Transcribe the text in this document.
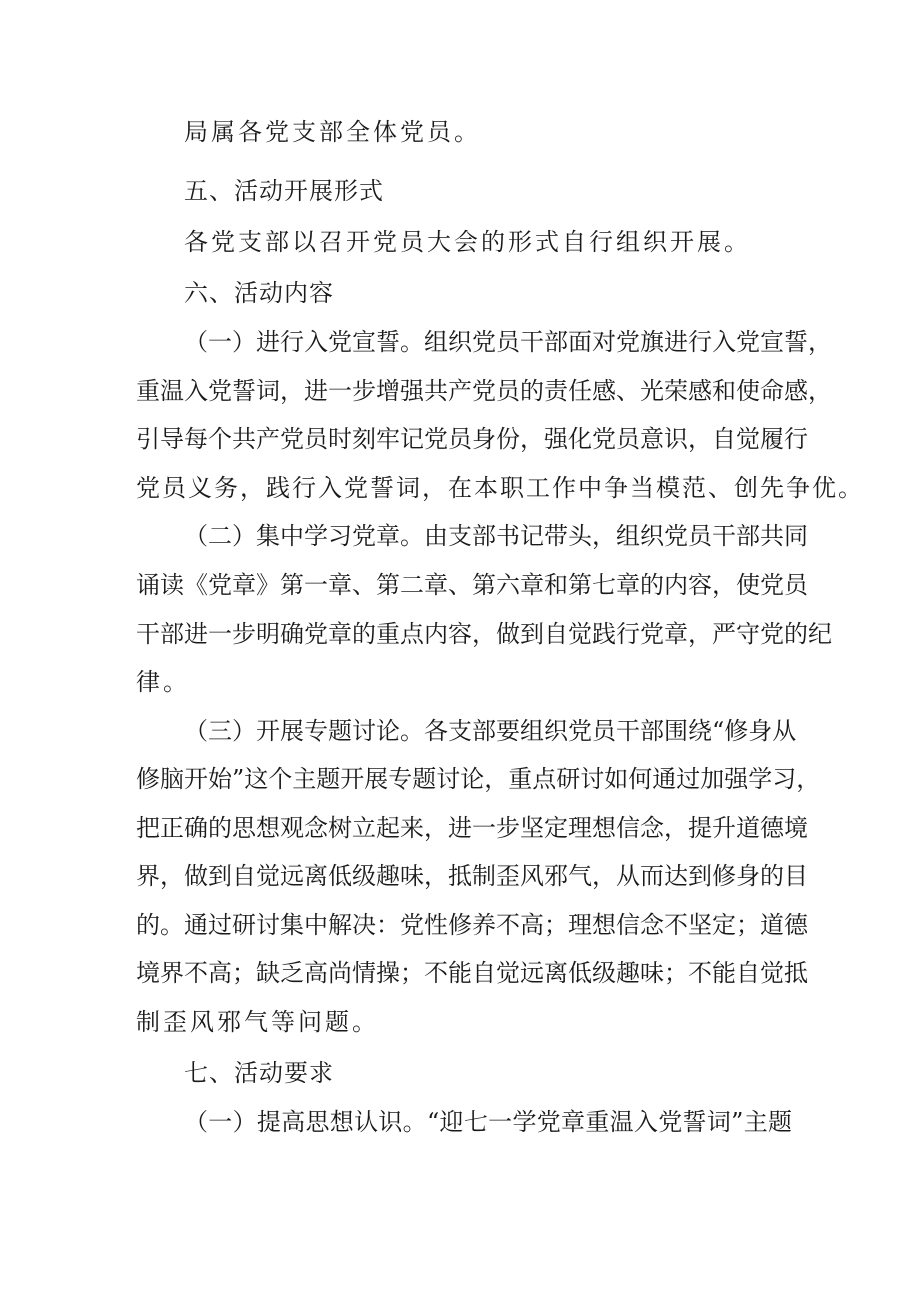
局属各党支部全体党员。
五、活动开展形式
各党支部以召开党员大会的形式自行组织开展。
六、活动内容
（一）进行入党宣誓。组织党员干部面对党旗进行入党宣誓，
重温入党誓词，进一步增强共产党员的责任感、光荣感和使命感，
引导每个共产党员时刻牢记党员身份，强化党员意识，自觉履行
党员义务，践行入党誓词，在本职工作中争当模范、创先争优。
（二）集中学习党章。由支部书记带头，组织党员干部共同
诵读《党章》第一章、第二章、第六章和第七章的内容，使党员
干部进一步明确党章的重点内容，做到自觉践行党章，严守党的纪
律。
（三）开展专题讨论。各支部要组织党员干部围绕“修身从
修脑开始”这个主题开展专题讨论，重点研讨如何通过加强学习，
把正确的思想观念树立起来，进一步坚定理想信念，提升道德境
界，做到自觉远离低级趣味，抵制歪风邪气，从而达到修身的目
的。通过研讨集中解决：党性修养不高；理想信念不坚定；道德
境界不高；缺乏高尚情操；不能自觉远离低级趣味；不能自觉抵
制歪风邪气等问题。
七、活动要求
（一）提高思想认识。“迎七一学党章重温入党誓词”主题
